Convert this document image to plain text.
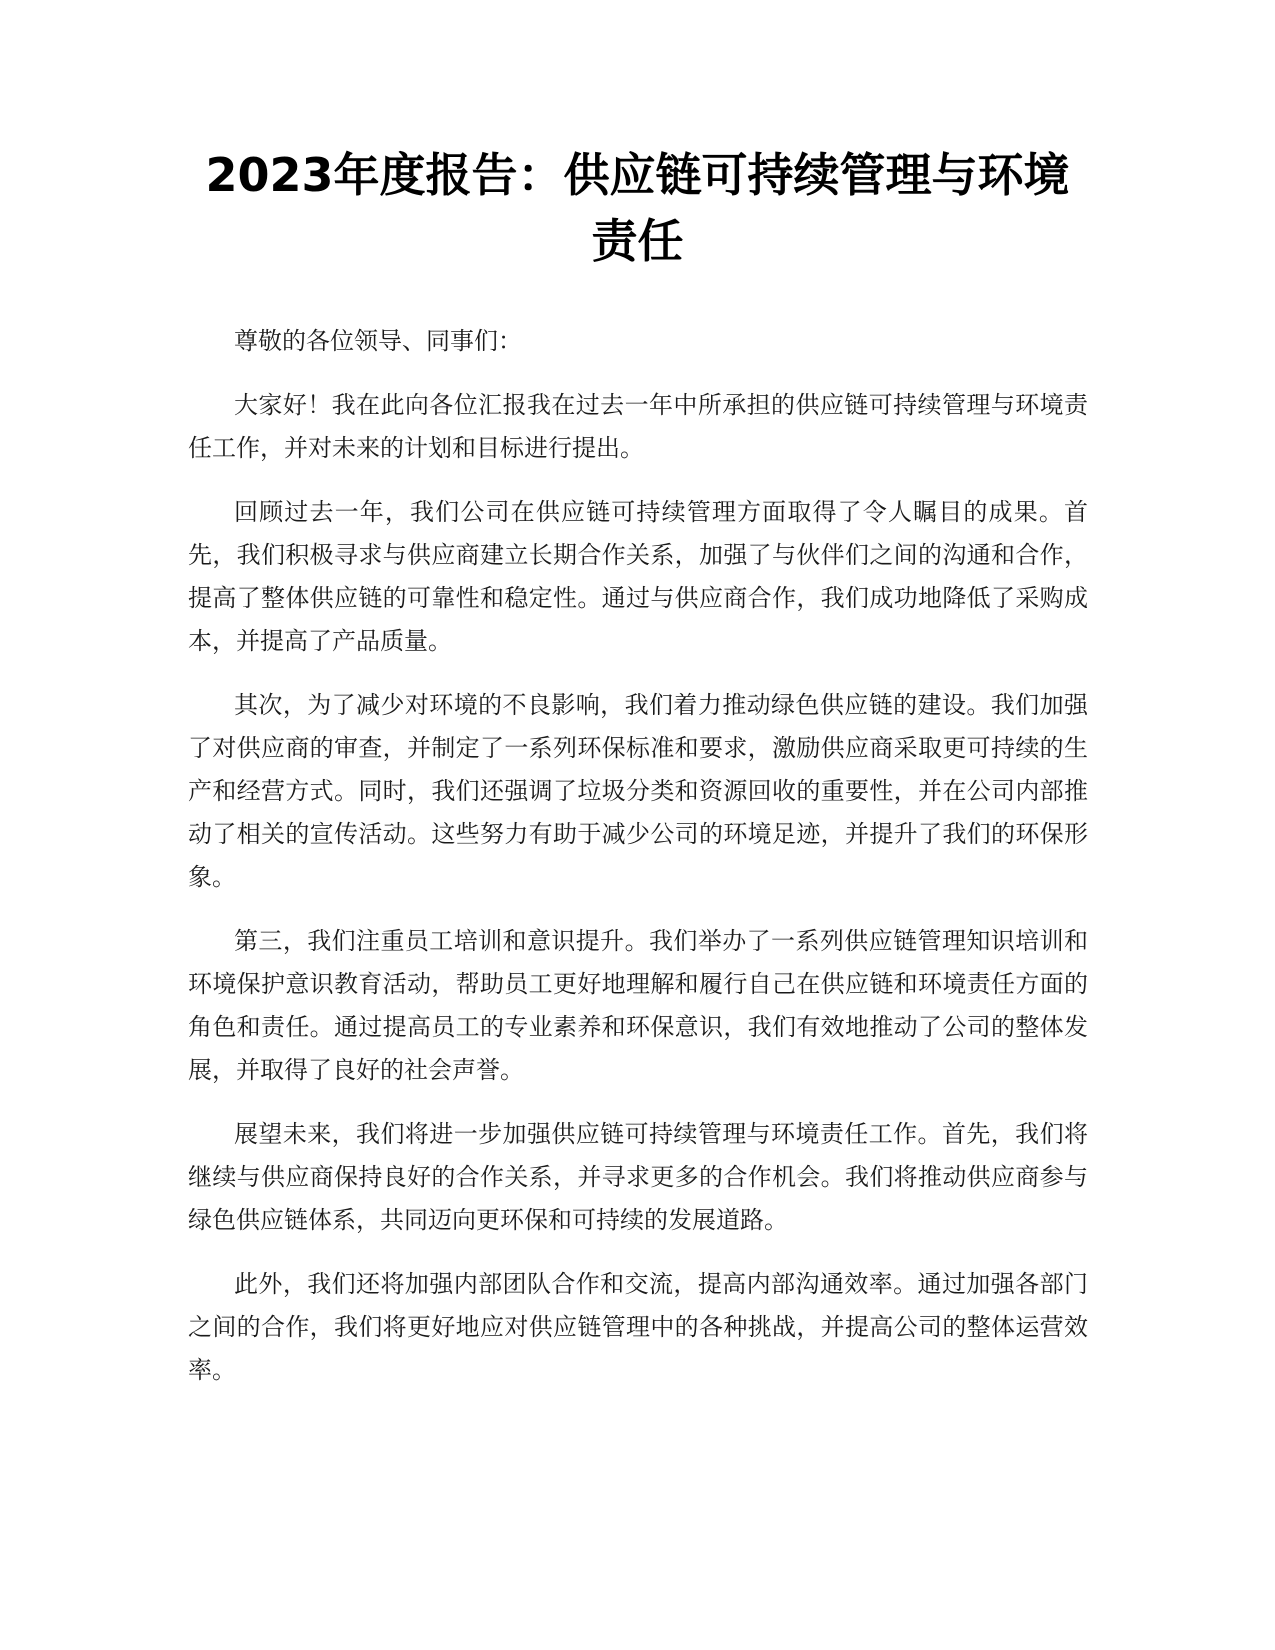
2023年度报告：供应链可持续管理与环境责任

尊敬的各位领导、同事们：

大家好！我在此向各位汇报我在过去一年中所承担的供应链可持续管理与环境责任工作，并对未来的计划和目标进行提出。

回顾过去一年，我们公司在供应链可持续管理方面取得了令人瞩目的成果。首先，我们积极寻求与供应商建立长期合作关系，加强了与伙伴们之间的沟通和合作，提高了整体供应链的可靠性和稳定性。通过与供应商合作，我们成功地降低了采购成本，并提高了产品质量。

其次，为了减少对环境的不良影响，我们着力推动绿色供应链的建设。我们加强了对供应商的审查，并制定了一系列环保标准和要求，激励供应商采取更可持续的生产和经营方式。同时，我们还强调了垃圾分类和资源回收的重要性，并在公司内部推动了相关的宣传活动。这些努力有助于减少公司的环境足迹，并提升了我们的环保形象。

第三，我们注重员工培训和意识提升。我们举办了一系列供应链管理知识培训和环境保护意识教育活动，帮助员工更好地理解和履行自己在供应链和环境责任方面的角色和责任。通过提高员工的专业素养和环保意识，我们有效地推动了公司的整体发展，并取得了良好的社会声誉。

展望未来，我们将进一步加强供应链可持续管理与环境责任工作。首先，我们将继续与供应商保持良好的合作关系，并寻求更多的合作机会。我们将推动供应商参与绿色供应链体系，共同迈向更环保和可持续的发展道路。

此外，我们还将加强内部团队合作和交流，提高内部沟通效率。通过加强各部门之间的合作，我们将更好地应对供应链管理中的各种挑战，并提高公司的整体运营效率。
